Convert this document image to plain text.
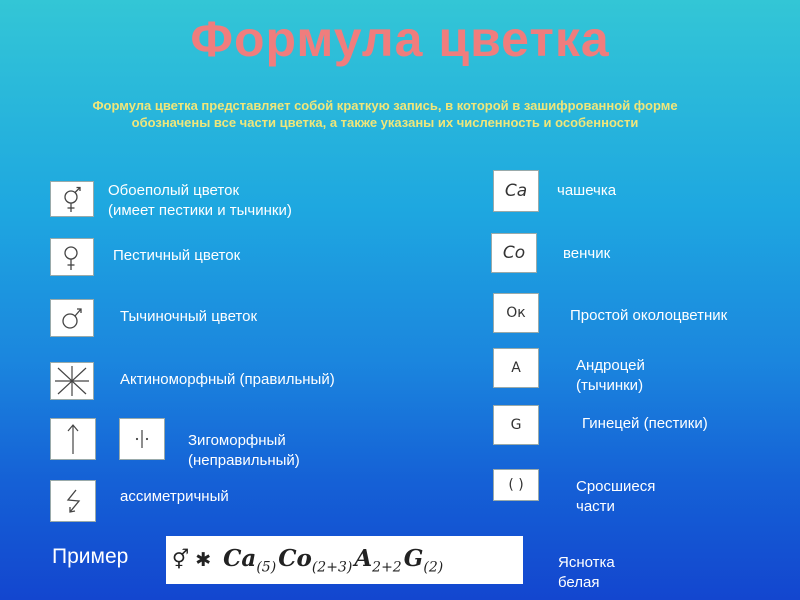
Формула цветка
Формула цветка представляет собой краткую запись, в которой в зашифрованной форме обозначены все части цветка, а также указаны их численность и особенности
Обоеполый цветок
(имеет пестики и тычинки)
Пестичный цветок
Тычиночный цветок
Актиноморфный (правильный)
Зигоморфный
(неправильный)
ассиметричный
Ca чашечка
Co	венчик
Ок	Простой околоцветник
A	Андроцей
(тычинки)
G	Гинецей (пестики)
( )	Сросшиеся
части
Пример ⚥ ✱ $Ca_{(5)}$ $Co_{(2+3)}$ $A_{2+2}$ $G_{(2)}$	Яснотка
белая
